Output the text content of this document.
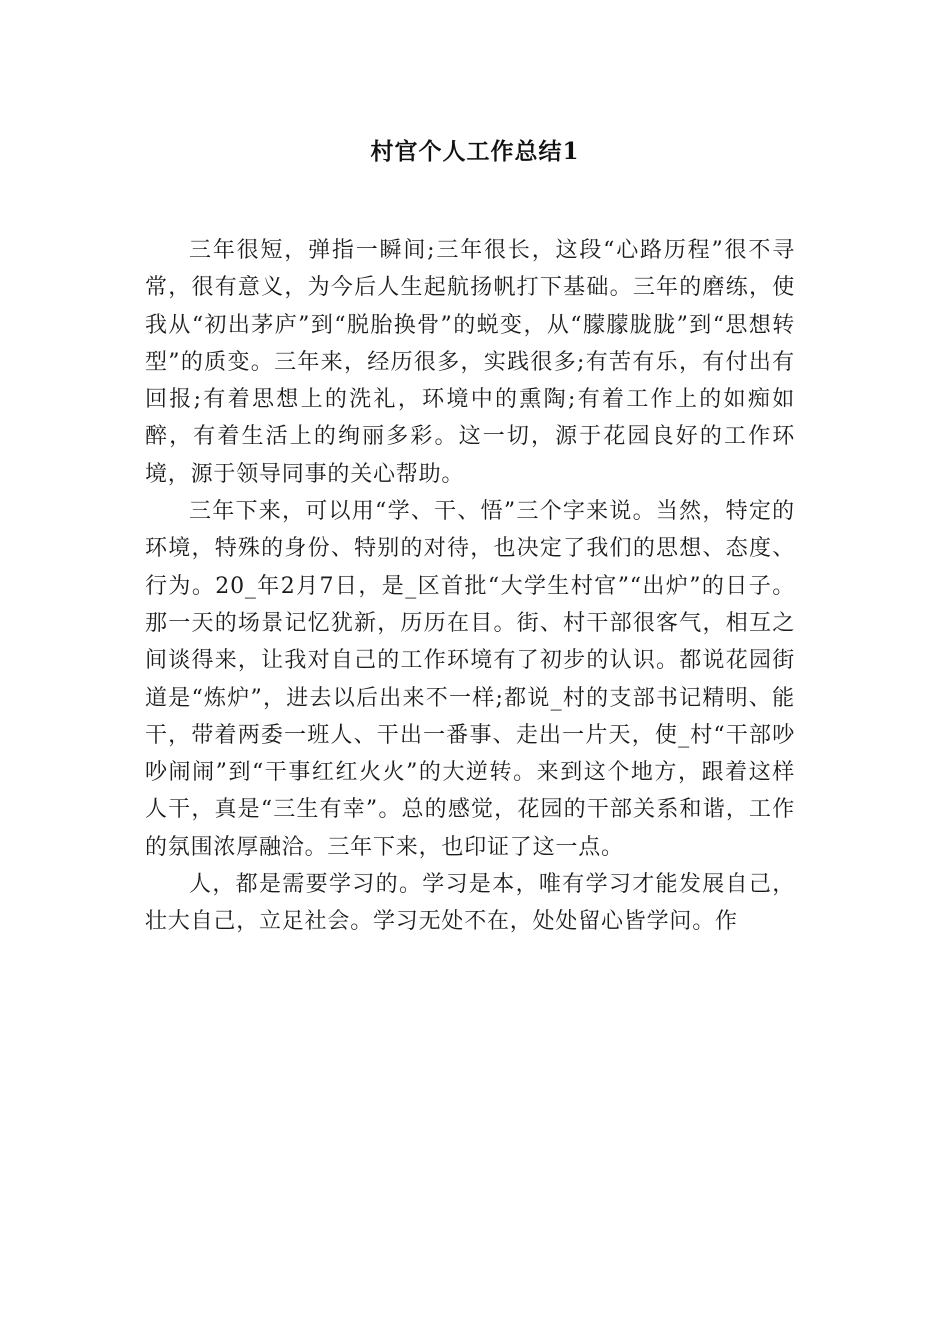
村官个人工作总结1

三年很短，弹指一瞬间;三年很长，这段“心路历程”很不寻常，很有意义，为今后人生起航扬帆打下基础。三年的磨练，使我从“初出茅庐”到“脱胎换骨”的蜕变，从“朦朦胧胧”到“思想转型”的质变。三年来，经历很多，实践很多;有苦有乐，有付出有回报;有着思想上的洗礼，环境中的熏陶;有着工作上的如痴如醉，有着生活上的绚丽多彩。这一切，源于花园良好的工作环境，源于领导同事的关心帮助。

三年下来，可以用“学、干、悟”三个字来说。当然，特定的环境，特殊的身份、特别的对待，也决定了我们的思想、态度、行为。20_年2月7日，是_区首批“大学生村官”“出炉”的日子。那一天的场景记忆犹新，历历在目。街、村干部很客气，相互之间谈得来，让我对自己的工作环境有了初步的认识。都说花园街道是“炼炉”，进去以后出来不一样;都说_村的支部书记精明、能干，带着两委一班人、干出一番事、走出一片天，使_村“干部吵吵闹闹”到“干事红红火火”的大逆转。来到这个地方，跟着这样人干，真是“三生有幸”。总的感觉，花园的干部关系和谐，工作的氛围浓厚融洽。三年下来，也印证了这一点。

人，都是需要学习的。学习是本，唯有学习才能发展自己，壮大自己，立足社会。学习无处不在，处处留心皆学问。作
